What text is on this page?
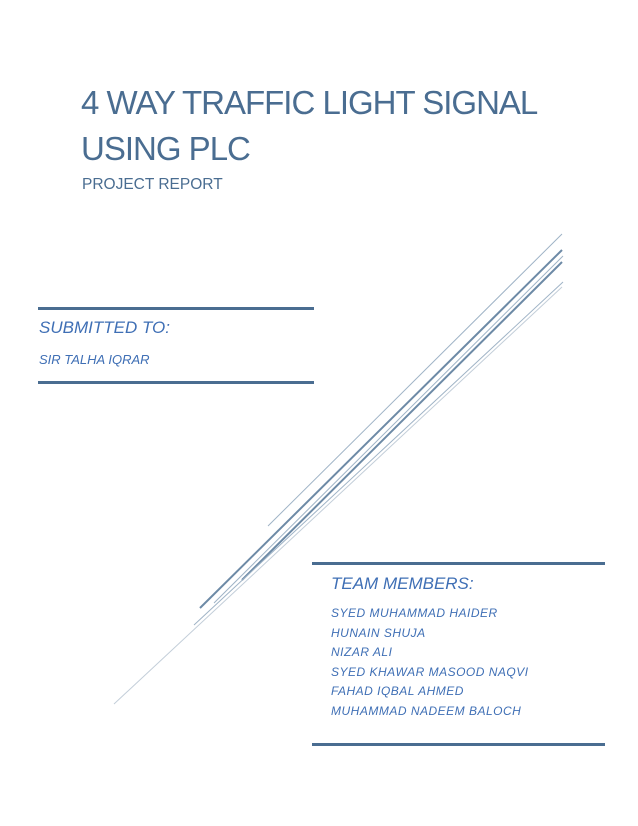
4 WAY TRAFFIC LIGHT SIGNAL
USING PLC
PROJECT REPORT
SUBMITTED TO:
SIR TALHA IQRAR
TEAM MEMBERS:
SYED MUHAMMAD HAIDER
HUNAIN SHUJA
NIZAR ALI
SYED KHAWAR MASOOD NAQVI
FAHAD IQBAL AHMED
MUHAMMAD NADEEM BALOCH
